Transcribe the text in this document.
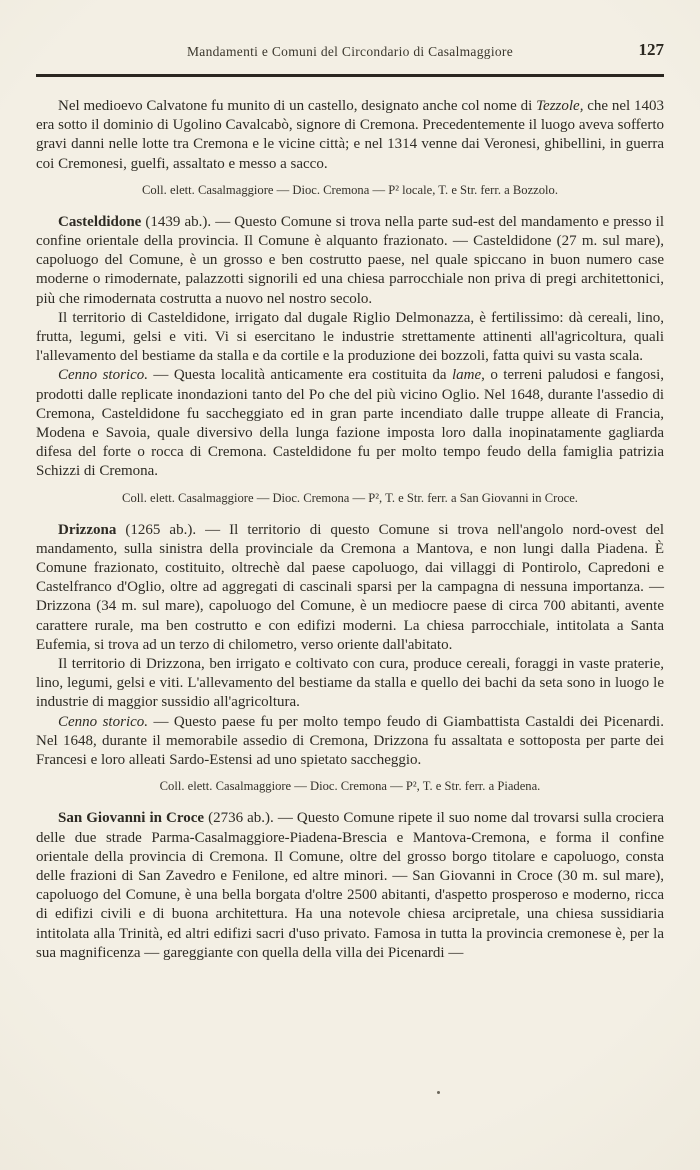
Mandamenti e Comuni del Circondario di Casalmaggiore	127

Nel medioevo Calvatone fu munito di un castello, designato anche col nome di Tezzole, che nel 1403 era sotto il dominio di Ugolino Cavalcabò, signore di Cremona. Precedentemente il luogo aveva sofferto gravi danni nelle lotte tra Cremona e le vicine città; e nel 1314 venne dai Veronesi, ghibellini, in guerra coi Cremonesi, guelfi, assaltato e messo a sacco.

Coll. elett. Casalmaggiore — Dioc. Cremona — P² locale, T. e Str. ferr. a Bozzolo.

Casteldidone (1439 ab.). — Questo Comune si trova nella parte sud-est del mandamento e presso il confine orientale della provincia. Il Comune è alquanto frazionato. — Casteldidone (27 m. sul mare), capoluogo del Comune, è un grosso e ben costrutto paese, nel quale spiccano in buon numero case moderne o rimodernate, palazzotti signorili ed una chiesa parrocchiale non priva di pregi architettonici, più che rimodernata costrutta a nuovo nel nostro secolo.

Il territorio di Casteldidone, irrigato dal dugale Riglio Delmonazza, è fertilissimo: dà cereali, lino, frutta, legumi, gelsi e viti. Vi si esercitano le industrie strettamente attinenti all'agricoltura, quali l'allevamento del bestiame da stalla e da cortile e la produzione dei bozzoli, fatta quivi su vasta scala.

Cenno storico. — Questa località anticamente era costituita da lame, o terreni paludosi e fangosi, prodotti dalle replicate inondazioni tanto del Po che del più vicino Oglio. Nel 1648, durante l'assedio di Cremona, Casteldidone fu saccheggiato ed in gran parte incendiato dalle truppe alleate di Francia, Modena e Savoia, quale diversivo della lunga fazione imposta loro dalla inopinatamente gagliarda difesa del forte o rocca di Cremona. Casteldidone fu per molto tempo feudo della famiglia patrizia Schizzi di Cremona.

Coll. elett. Casalmaggiore — Dioc. Cremona — P², T. e Str. ferr. a San Giovanni in Croce.

Drizzona (1265 ab.). — Il territorio di questo Comune si trova nell'angolo nord-ovest del mandamento, sulla sinistra della provinciale da Cremona a Mantova, e non lungi dalla Piadena. È Comune frazionato, costituito, oltrechè dal paese capoluogo, dai villaggi di Pontirolo, Capredoni e Castelfranco d'Oglio, oltre ad aggregati di cascinali sparsi per la campagna di nessuna importanza. — Drizzona (34 m. sul mare), capoluogo del Comune, è un mediocre paese di circa 700 abitanti, avente carattere rurale, ma ben costrutto e con edifizi moderni. La chiesa parrocchiale, intitolata a Santa Eufemia, si trova ad un terzo di chilometro, verso oriente dall'abitato.

Il territorio di Drizzona, ben irrigato e coltivato con cura, produce cereali, foraggi in vaste praterie, lino, legumi, gelsi e viti. L'allevamento del bestiame da stalla e quello dei bachi da seta sono in luogo le industrie di maggior sussidio all'agricoltura.

Cenno storico. — Questo paese fu per molto tempo feudo di Giambattista Castaldi dei Picenardi. Nel 1648, durante il memorabile assedio di Cremona, Drizzona fu assaltata e sottoposta per parte dei Francesi e loro alleati Sardo-Estensi ad uno spietato saccheggio.

Coll. elett. Casalmaggiore — Dioc. Cremona — P², T. e Str. ferr. a Piadena.

San Giovanni in Croce (2736 ab.). — Questo Comune ripete il suo nome dal trovarsi sulla crociera delle due strade Parma-Casalmaggiore-Piadena-Brescia e Mantova-Cremona, e forma il confine orientale della provincia di Cremona. Il Comune, oltre del grosso borgo titolare e capoluogo, consta delle frazioni di San Zavedro e Fenilone, ed altre minori. — San Giovanni in Croce (30 m. sul mare), capoluogo del Comune, è una bella borgata d'oltre 2500 abitanti, d'aspetto prosperoso e moderno, ricca di edifizi civili e di buona architettura. Ha una notevole chiesa arcipretale, una chiesa sussidiaria intitolata alla Trinità, ed altri edifizi sacri d'uso privato. Famosa in tutta la provincia cremonese è, per la sua magnificenza — gareggiante con quella della villa dei Picenardi —
